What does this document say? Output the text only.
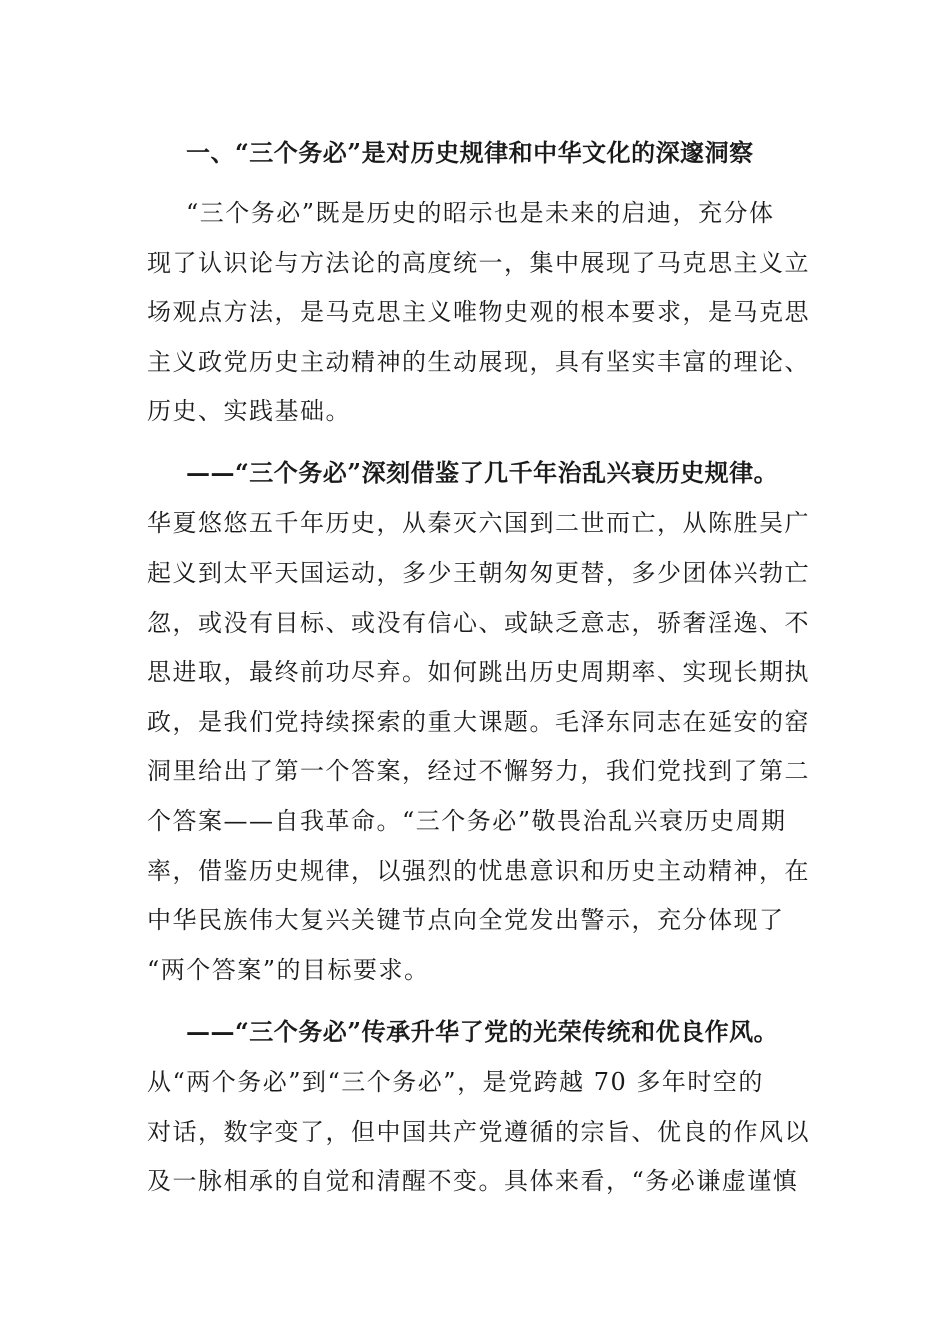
一、“三个务必”是对历史规律和中华文化的深邃洞察
“三个务必”既是历史的昭示也是未来的启迪，充分体
现了认识论与方法论的高度统一，集中展现了马克思主义立
场观点方法，是马克思主义唯物史观的根本要求，是马克思
主义政党历史主动精神的生动展现，具有坚实丰富的理论、
历史、实践基础。
——“三个务必”深刻借鉴了几千年治乱兴衰历史规律。
华夏悠悠五千年历史，从秦灭六国到二世而亡，从陈胜吴广
起义到太平天国运动，多少王朝匆匆更替，多少团体兴勃亡
忽，或没有目标、或没有信心、或缺乏意志，骄奢淫逸、不
思进取，最终前功尽弃。如何跳出历史周期率、实现长期执
政，是我们党持续探索的重大课题。毛泽东同志在延安的窑
洞里给出了第一个答案，经过不懈努力，我们党找到了第二
个答案——自我革命。“三个务必”敬畏治乱兴衰历史周期
率，借鉴历史规律，以强烈的忧患意识和历史主动精神，在
中华民族伟大复兴关键节点向全党发出警示，充分体现了
“两个答案”的目标要求。
——“三个务必”传承升华了党的光荣传统和优良作风。
从“两个务必”到“三个务必”，是党跨越 70 多年时空的
对话，数字变了，但中国共产党遵循的宗旨、优良的作风以
及一脉相承的自觉和清醒不变。具体来看，“务必谦虚谨慎
